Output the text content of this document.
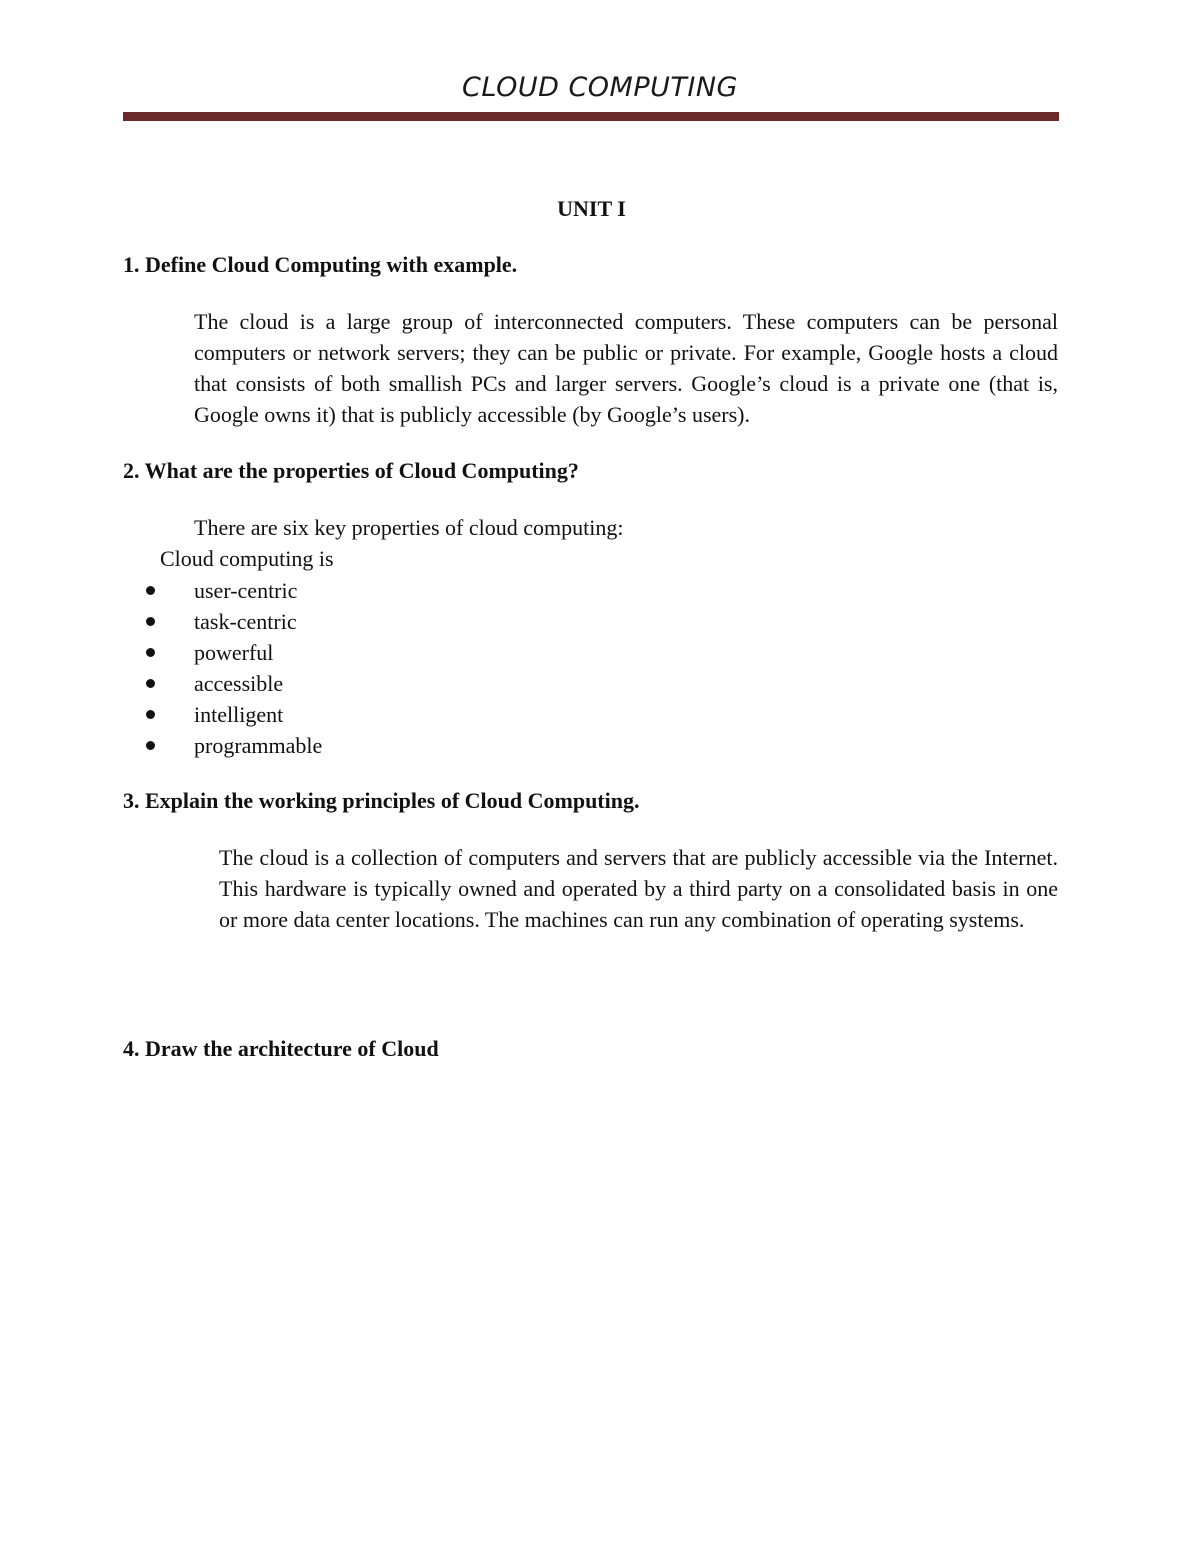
CLOUD COMPUTING
UNIT I
1. Define Cloud Computing with example.
The cloud is a large group of interconnected computers. These computers can be personal computers or network servers; they can be public or private. For example, Google hosts a cloud that consists of both smallish PCs and larger servers. Google’s cloud is a private one (that is, Google owns it) that is publicly accessible (by Google’s users).
2. What are the properties of Cloud Computing?
There are six key properties of cloud computing:
Cloud computing is
user-centric
task-centric
powerful
accessible
intelligent
programmable
3. Explain the working principles of Cloud Computing.
The cloud is a collection of computers and servers that are publicly accessible via the Internet. This hardware is typically owned and operated by a third party on a consolidated basis in one or more data center locations. The machines can run any combination of operating systems.
4. Draw the architecture of Cloud
